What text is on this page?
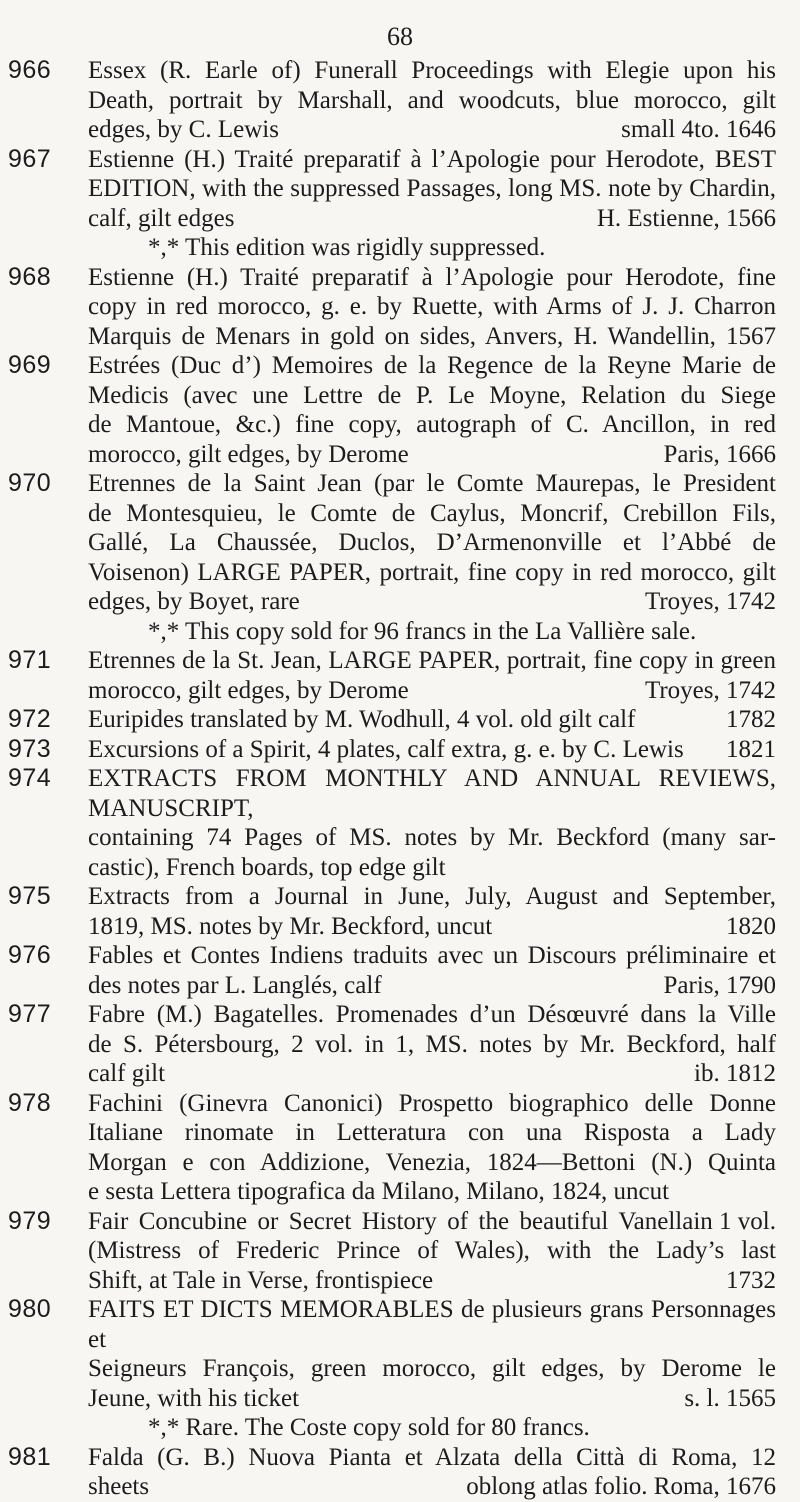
68
966	Essex (R. Earle of) Funerall Proceedings with Elegie upon his
Death, portrait by Marshall, and woodcuts, blue morocco, gilt
edges, by C. Lewis	small 4to. 1646
967	Estienne (H.) Traité preparatif à l’Apologie pour Herodote, BEST
EDITION, with the suppressed Passages, long MS. note by Chardin,
calf, gilt edges	H. Estienne, 1566
*,* This edition was rigidly suppressed.
968	Estienne (H.) Traité preparatif à l’Apologie pour Herodote, fine
copy in red morocco, g. e. by Ruette, with Arms of J. J. Charron
Marquis de Menars in gold on sides, Anvers, H. Wandellin, 1567
969	Estrées (Duc d’) Memoires de la Regence de la Reyne Marie de
Medicis (avec une Lettre de P. Le Moyne, Relation du Siege
de Mantoue, &c.) fine copy, autograph of C. Ancillon, in red
morocco, gilt edges, by Derome	Paris, 1666
970	Etrennes de la Saint Jean (par le Comte Maurepas, le President
de Montesquieu, le Comte de Caylus, Moncrif, Crebillon Fils,
Gallé, La Chaussée, Duclos, D’Armenonville et l’Abbé de
Voisenon) LARGE PAPER, portrait, fine copy in red morocco, gilt
edges, by Boyet, rare	Troyes, 1742
*,* This copy sold for 96 francs in the La Vallière sale.
971	Etrennes de la St. Jean, LARGE PAPER, portrait, fine copy in green
morocco, gilt edges, by Derome	Troyes, 1742
972	Euripides translated by M. Wodhull, 4 vol. old gilt calf	1782
973	Excursions of a Spirit, 4 plates, calf extra, g. e. by C. Lewis 1821
974	EXTRACTS FROM MONTHLY AND ANNUAL REVIEWS, MANUSCRIPT,
containing 74 Pages of MS. notes by Mr. Beckford (many sar-
castic), French boards, top edge gilt
975	Extracts from a Journal in June, July, August and September,
1819, MS. notes by Mr. Beckford, uncut	1820
976	Fables et Contes Indiens traduits avec un Discours préliminaire et
des notes par L. Langlés, calf	Paris, 1790
977	Fabre (M.) Bagatelles. Promenades d’un Désœuvré dans la Ville
de S. Pétersbourg, 2 vol. in 1, MS. notes by Mr. Beckford, half
calf gilt	ib. 1812
978	Fachini (Ginevra Canonici) Prospetto biographico delle Donne
Italiane rinomate in Letteratura con una Risposta a Lady
Morgan e con Addizione, Venezia, 1824—Bettoni (N.) Quinta
e sesta Lettera tipografica da Milano, Milano, 1824, uncut
in 1 vol.
979	Fair Concubine or Secret History of the beautiful Vanella
(Mistress of Frederic Prince of Wales), with the Lady’s last
Shift, at Tale in Verse, frontispiece	1732
980	FAITS ET DICTS MEMORABLES de plusieurs grans Personnages et
Seigneurs François, green morocco, gilt edges, by Derome le
Jeune, with his ticket	s. l. 1565
*,* Rare. The Coste copy sold for 80 francs.
981	Falda (G. B.) Nuova Pianta et Alzata della Città di Roma, 12
sheets	oblong atlas folio. Roma, 1676
